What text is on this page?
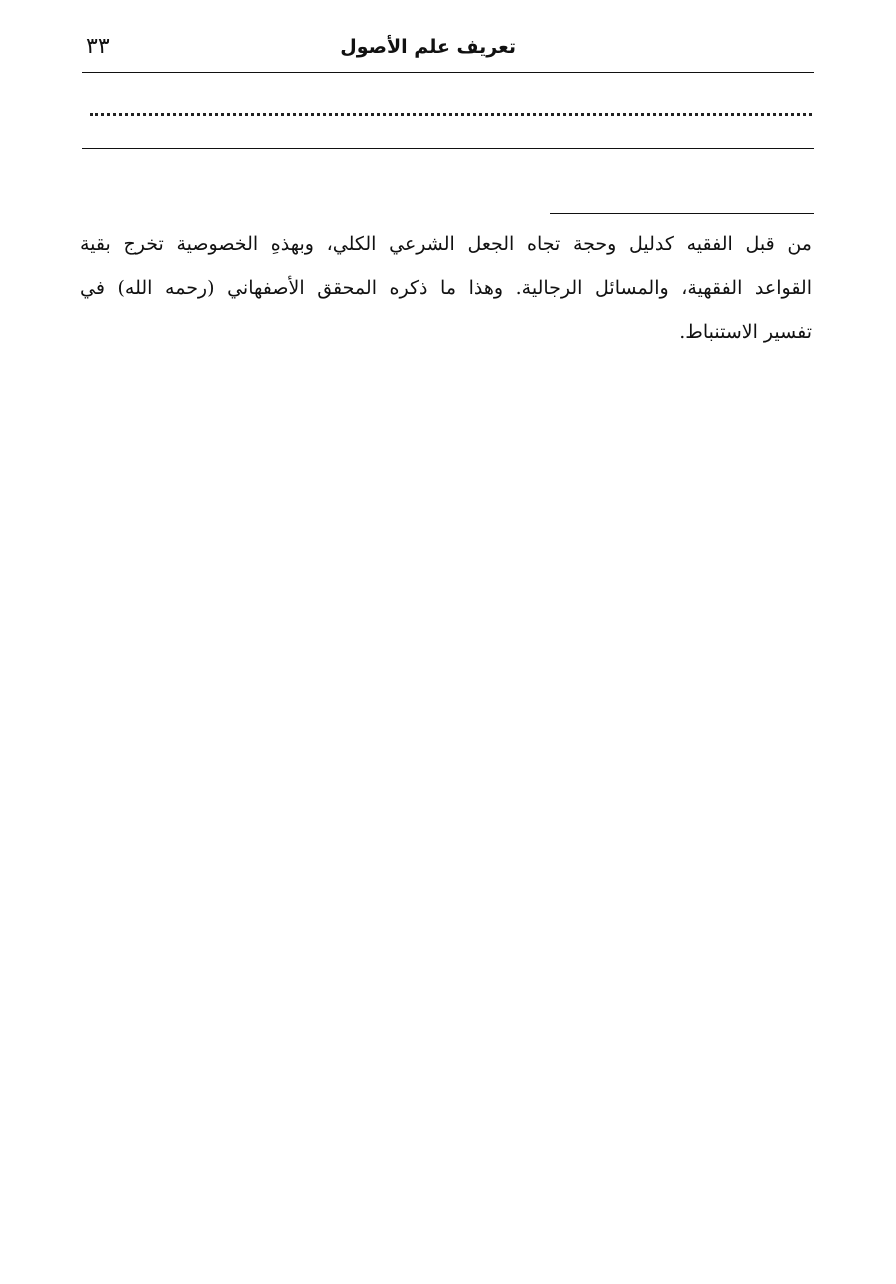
تعريف علم الأصول
٣٣
من قبل الفقيه كدليل وحجة تجاه الجعل الشرعي الكلي، وبهذهِ الخصوصية تخرج بقية
القواعد الفقهية، والمسائل الرجالية. وهذا ما ذكره المحقق الأصفهاني (رحمه الله) في
تفسير الاستنباط.
